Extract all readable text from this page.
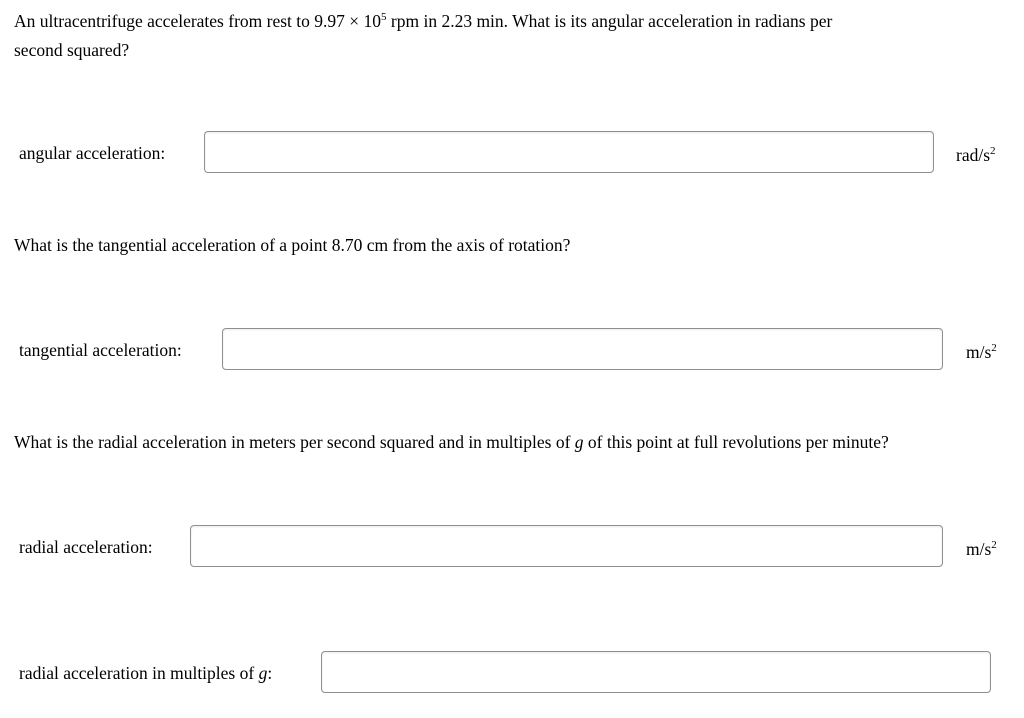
An ultracentrifuge accelerates from rest to $9.97 \times 10^5$ rpm in 2.23 min. What is its angular acceleration in radians per
second squared?

angular acceleration:	rad/$s^2$

What is the tangential acceleration of a point 8.70 cm from the axis of rotation?

tangential acceleration:	$m/s^2$

What is the radial acceleration in meters per second squared and in multiples of g of this point at full revolutions per minute?

radial acceleration:	$m/s^2$
radial acceleration in multiples of g:
